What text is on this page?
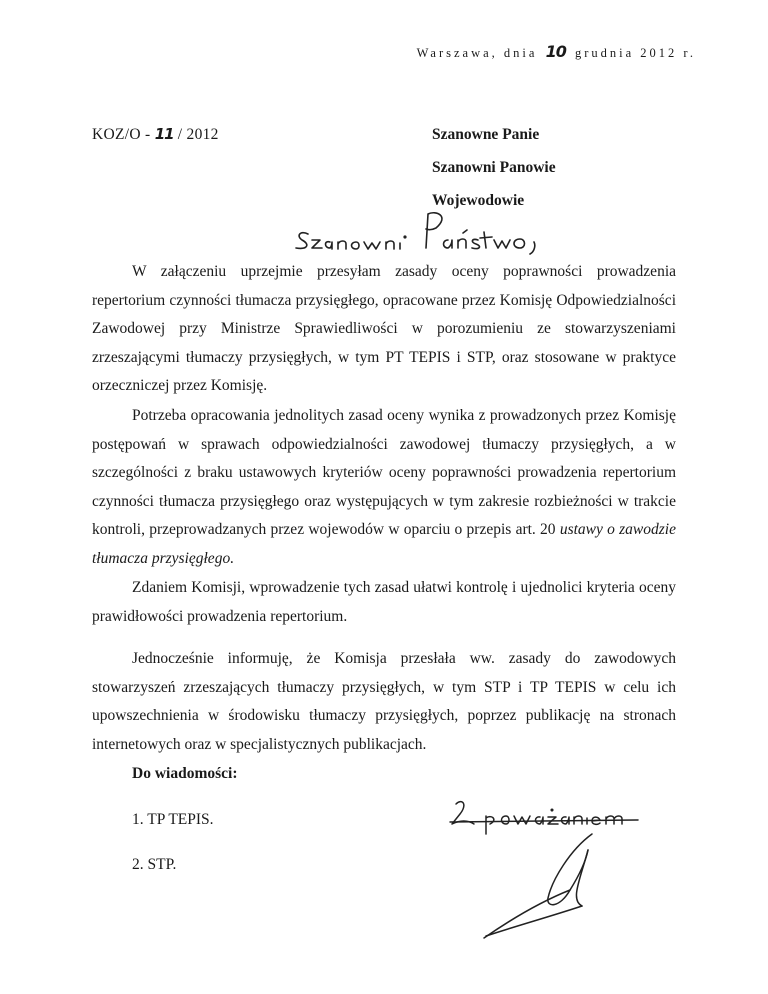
Warszawa, dnia 10 grudnia 2012 r.
KOZ/O - 11 / 2012	Szanowne Panie
Szanowni Panowie
Wojewodowie
W załączeniu uprzejmie przesyłam zasady oceny poprawności prowadzenia repertorium czynności tłumacza przysięgłego, opracowane przez Komisję Odpowiedzialności Zawodowej przy Ministrze Sprawiedliwości w porozumieniu ze stowarzyszeniami zrzeszającymi tłumaczy przysięgłych, w tym PT TEPIS i STP, oraz stosowane w praktyce orzeczniczej przez Komisję.
Potrzeba opracowania jednolitych zasad oceny wynika z prowadzonych przez Komisję postępowań w sprawach odpowiedzialności zawodowej tłumaczy przysięgłych, a w szczególności z braku ustawowych kryteriów oceny poprawności prowadzenia repertorium czynności tłumacza przysięgłego oraz występujących w tym zakresie rozbieżności w trakcie kontroli, przeprowadzanych przez wojewodów w oparciu o przepis art. 20 ustawy o zawodzie tłumacza przysięgłego.
Zdaniem Komisji, wprowadzenie tych zasad ułatwi kontrolę i ujednolici kryteria oceny prawidłowości prowadzenia repertorium.
Jednocześnie informuję, że Komisja przesłała ww. zasady do zawodowych stowarzyszeń zrzeszających tłumaczy przysięgłych, w tym STP i TP TEPIS w celu ich upowszechnienia w środowisku tłumaczy przysięgłych, poprzez publikację na stronach internetowych oraz w specjalistycznych publikacjach.
Do wiadomości:
1. TP TEPIS.
2. STP.
